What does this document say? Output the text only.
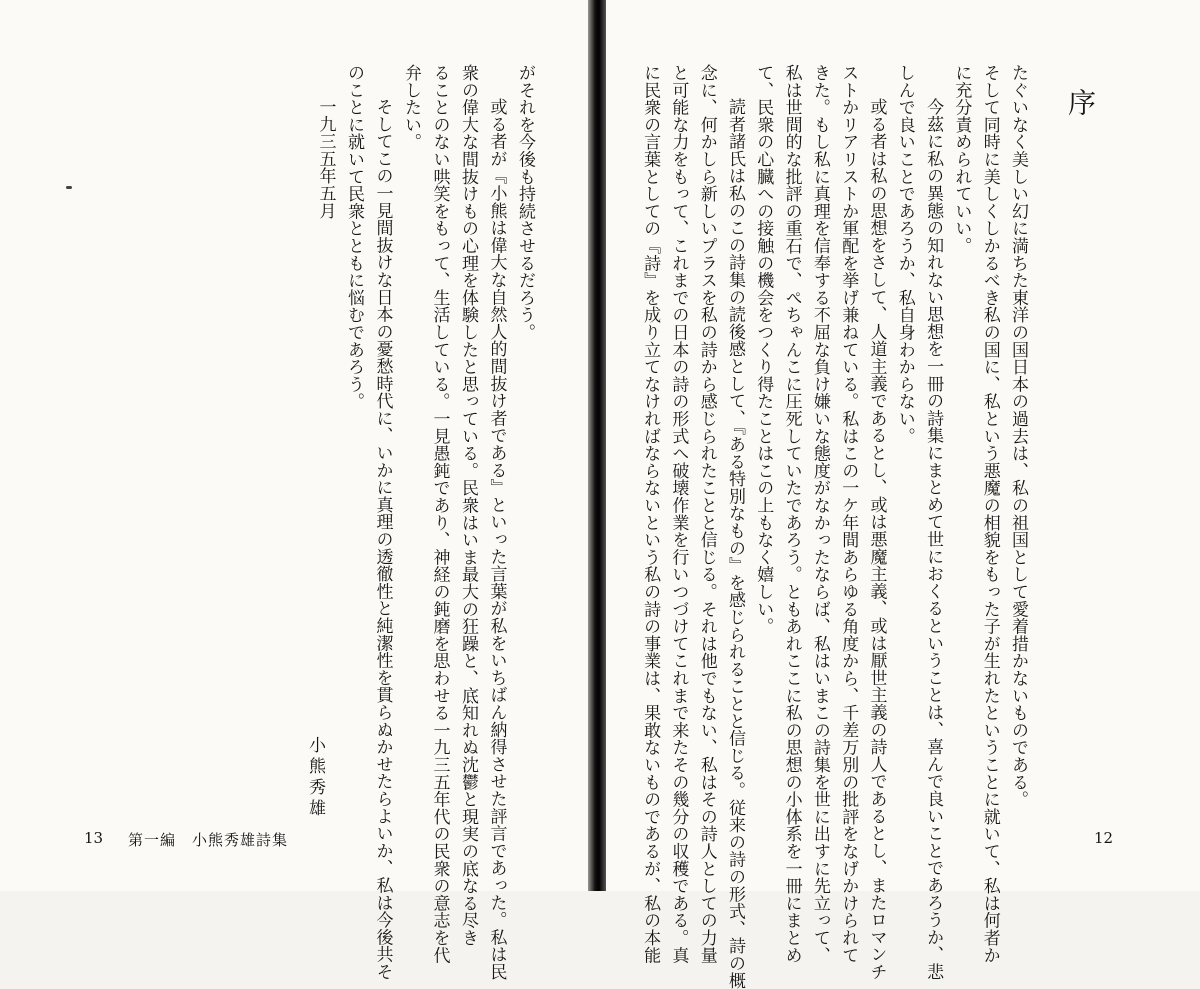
がそれを今後も持続させるだろう。
或る者が『小熊は偉大な自然人的間抜け者である』といった言葉が私をいちばん納得させた評言であった。私は民
衆の偉大な間抜けもの心理を体験したと思っている。民衆はいま最大の狂躁と、底知れぬ沈鬱と現実の底なる尽き
ることのない哄笑をもって、生活している。一見愚鈍であり、神経の鈍磨を思わせる一九三五年代の民衆の意志を代
弁したい。
そしてこの一見間抜けな日本の憂愁時代に、いかに真理の透徹性と純潔性を貫らぬかせたらよいか、私は今後共そ
のことに就いて民衆とともに悩むであろう。
一九三五年五月
小熊秀雄
13 第一編　小熊秀雄詩集
たぐいなく美しい幻に満ちた東洋の国日本の過去は、私の祖国として愛着措かないものである。
そして同時に美しくしかるべき私の国に、私という悪魔の相貌をもった子が生れたということに就いて、私は何者か
に充分責められていい。
今茲に私の異態の知れない思想を一冊の詩集にまとめて世におくるということは、喜んで良いことであろうか、悲
しんで良いことであろうか、私自身わからない。
或る者は私の思想をさして、人道主義であるとし、或は悪魔主義、或は厭世主義の詩人であるとし、またロマンチ
ストかリアリストか軍配を挙げ兼ねている。私はこの一ケ年間あらゆる角度から、千差万別の批評をなげかけられて
きた。もし私に真理を信奉する不屈な負け嫌いな態度がなかったならば、私はいまこの詩集を世に出すに先立って、
私は世間的な批評の重石で、ぺちゃんこに圧死していたであろう。ともあれここに私の思想の小体系を一冊にまとめ
て、民衆の心臓への接触の機会をつくり得たことはこの上もなく嬉しい。
読者諸氏は私のこの詩集の読後感として、『ある特別なもの』を感じられることと信じる。従来の詩の形式、詩の概
念に、何かしら新しいプラスを私の詩から感じられたことと信じる。それは他でもない、私はその詩人としての力量
と可能な力をもって、これまでの日本の詩の形式へ破壊作業を行いつづけてこれまで来たその幾分の収穫である。真
に民衆の言葉としての『詩』を成り立てなければならないという私の詩の事業は、果敢ないものであるが、私の本能	12
序
